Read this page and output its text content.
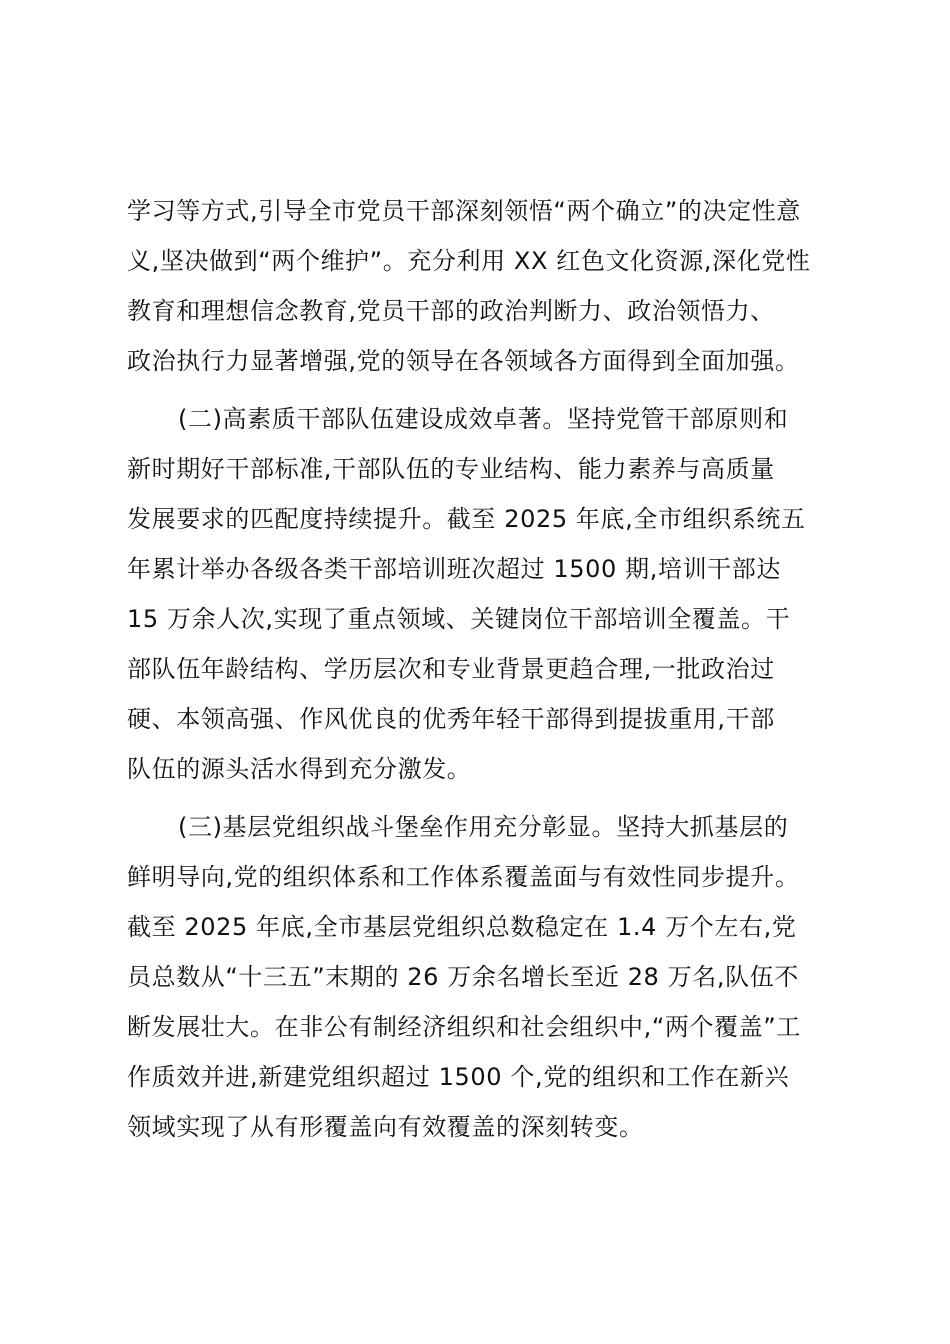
学习等方式,引导全市党员干部深刻领悟“两个确立”的决定性意
义,坚决做到“两个维护”。充分利用 XX 红色文化资源,深化党性
教育和理想信念教育,党员干部的政治判断力、政治领悟力、
政治执行力显著增强,党的领导在各领域各方面得到全面加强。
(二)高素质干部队伍建设成效卓著。坚持党管干部原则和
新时期好干部标准,干部队伍的专业结构、能力素养与高质量
发展要求的匹配度持续提升。截至 2025 年底,全市组织系统五
年累计举办各级各类干部培训班次超过 1500 期,培训干部达
15 万余人次,实现了重点领域、关键岗位干部培训全覆盖。干
部队伍年龄结构、学历层次和专业背景更趋合理,一批政治过
硬、本领高强、作风优良的优秀年轻干部得到提拔重用,干部
队伍的源头活水得到充分激发。
(三)基层党组织战斗堡垒作用充分彰显。坚持大抓基层的
鲜明导向,党的组织体系和工作体系覆盖面与有效性同步提升。
截至 2025 年底,全市基层党组织总数稳定在 1.4 万个左右,党
员总数从“十三五”末期的 26 万余名增长至近 28 万名,队伍不
断发展壮大。在非公有制经济组织和社会组织中,“两个覆盖”工
作质效并进,新建党组织超过 1500 个,党的组织和工作在新兴
领域实现了从有形覆盖向有效覆盖的深刻转变。
